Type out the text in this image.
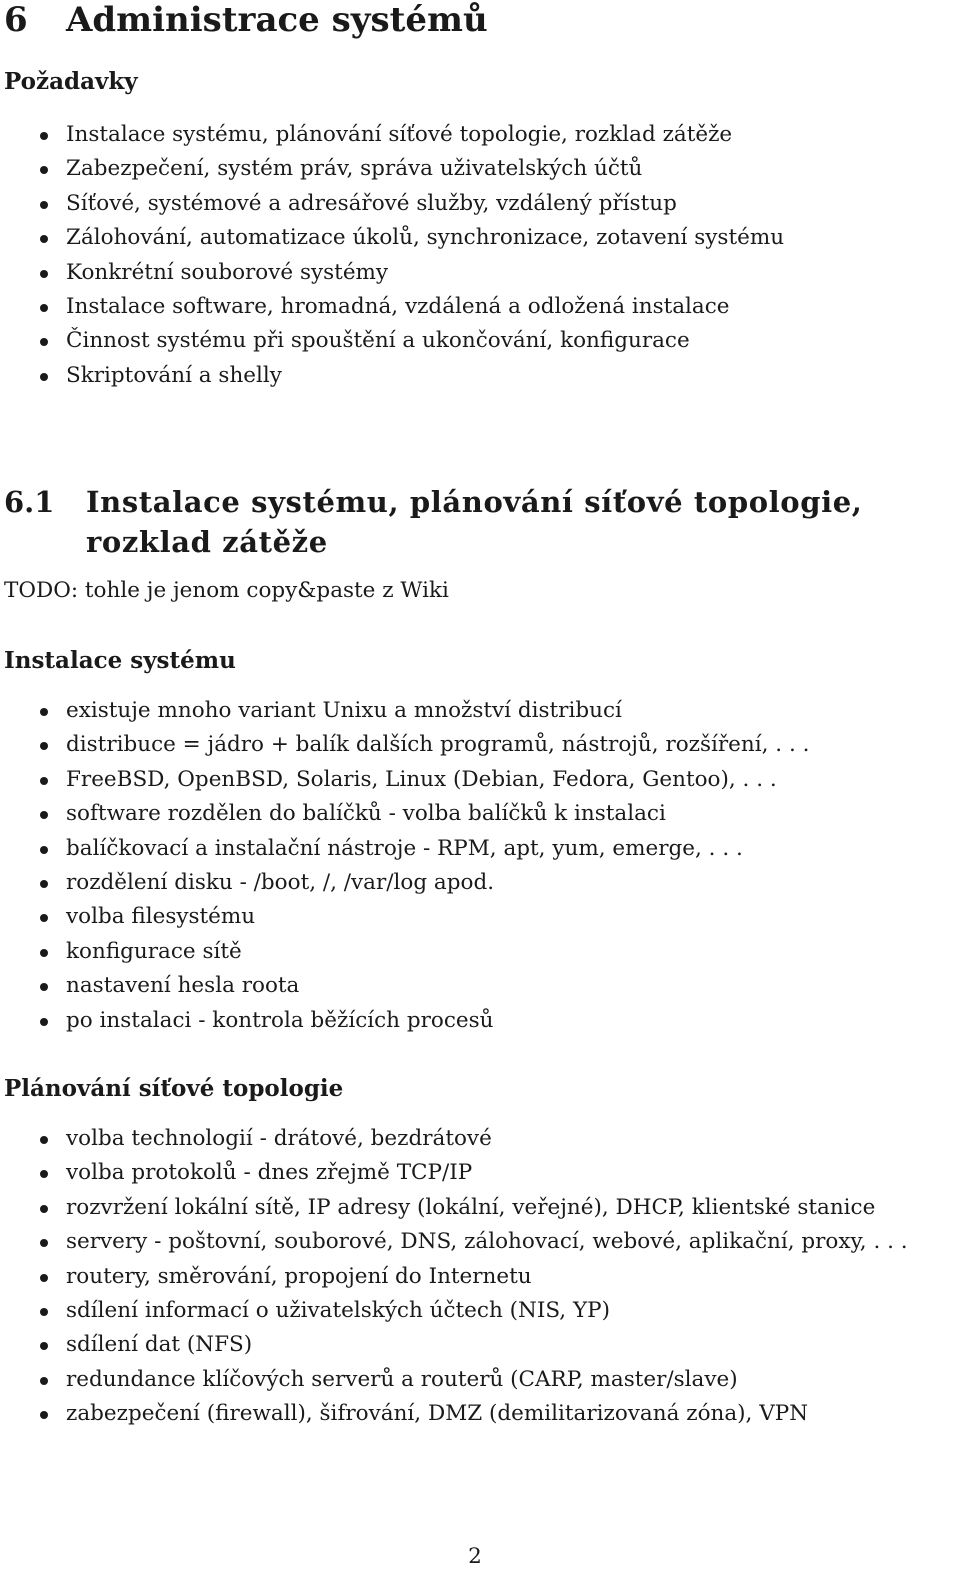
6 Administrace systémů
Požadavky
Instalace systému, plánování síťové topologie, rozklad zátěže
Zabezpečení, systém práv, správa uživatelských účtů
Síťové, systémové a adresářové služby, vzdálený přístup
Zálohování, automatizace úkolů, synchronizace, zotavení systému
Konkrétní souborové systémy
Instalace software, hromadná, vzdálená a odložená instalace
Činnost systému při spouštění a ukončování, konfigurace
Skriptování a shelly
6.1	Instalace systému, plánování síťové topologie, rozklad zátěže

TODO: tohle je jenom copy&paste z Wiki

Instalace systému
existuje mnoho variant Unixu a množství distribucí
distribuce = jádro + balík dalších programů, nástrojů, rozšíření, . . .
FreeBSD, OpenBSD, Solaris, Linux (Debian, Fedora, Gentoo), . . .
software rozdělen do balíčků - volba balíčků k instalaci
balíčkovací a instalační nástroje - RPM, apt, yum, emerge, . . .
rozdělení disku - /boot, /, /var/log apod.
volba filesystému
konfigurace sítě
nastavení hesla roota
po instalaci - kontrola běžících procesů
Plánování síťové topologie
volba technologií - drátové, bezdrátové
volba protokolů - dnes zřejmě TCP/IP
rozvržení lokální sítě, IP adresy (lokální, veřejné), DHCP, klientské stanice
servery - poštovní, souborové, DNS, zálohovací, webové, aplikační, proxy, . . .
routery, směrování, propojení do Internetu
sdílení informací o uživatelských účtech (NIS, YP)
sdílení dat (NFS)
redundance klíčových serverů a routerů (CARP, master/slave)
zabezpečení (firewall), šifrování, DMZ (demilitarizovaná zóna), VPN
2
